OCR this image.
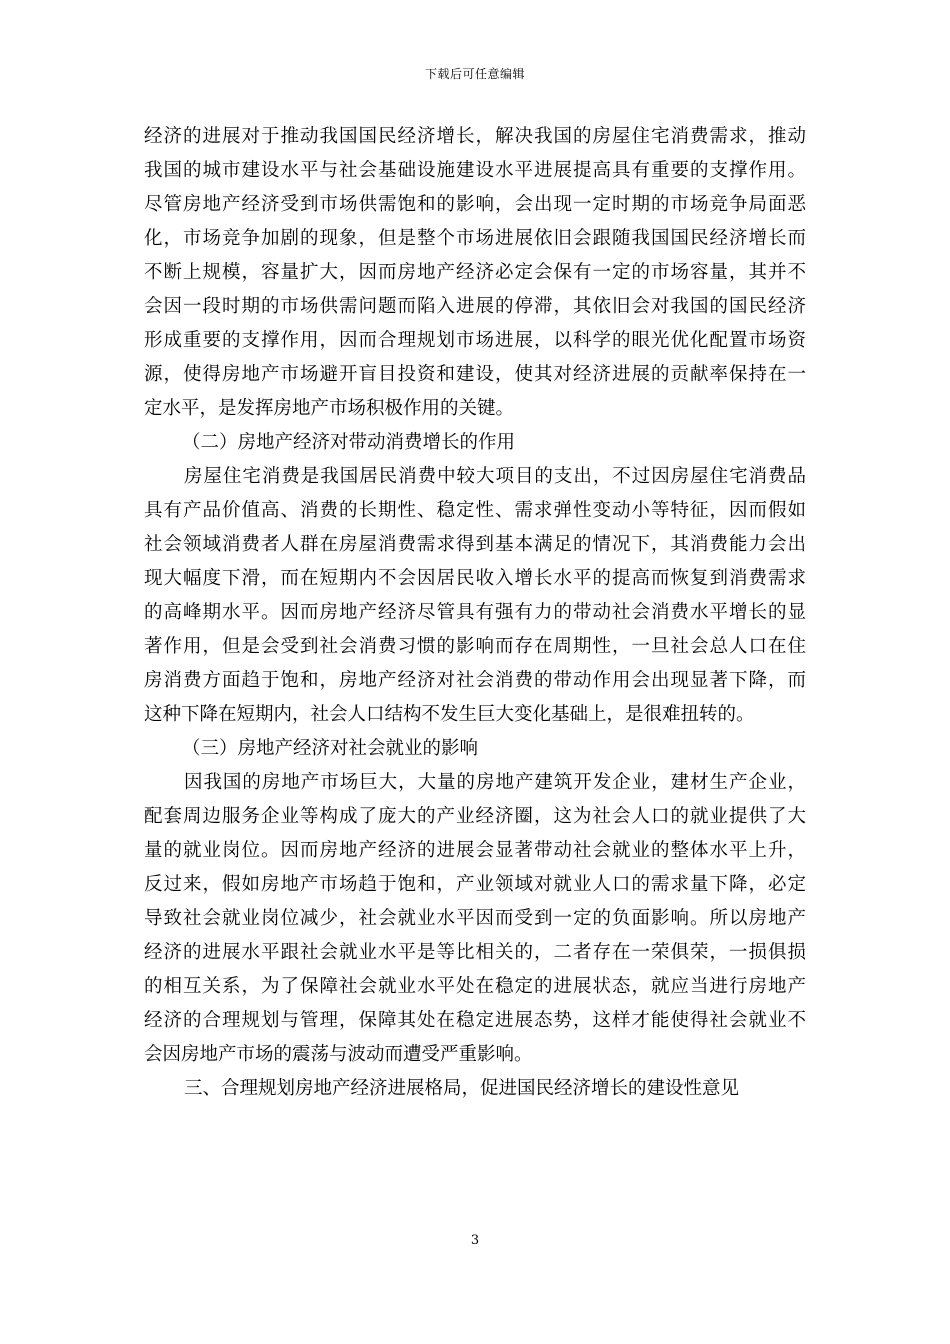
下载后可任意编辑
经济的进展对于推动我国国民经济增长，解决我国的房屋住宅消费需求，推动
我国的城市建设水平与社会基础设施建设水平进展提高具有重要的支撑作用。
尽管房地产经济受到市场供需饱和的影响，会出现一定时期的市场竞争局面恶
化，市场竞争加剧的现象，但是整个市场进展依旧会跟随我国国民经济增长而
不断上规模，容量扩大，因而房地产经济必定会保有一定的市场容量，其并不
会因一段时期的市场供需问题而陷入进展的停滞，其依旧会对我国的国民经济
形成重要的支撑作用，因而合理规划市场进展，以科学的眼光优化配置市场资
源，使得房地产市场避开盲目投资和建设，使其对经济进展的贡献率保持在一
定水平，是发挥房地产市场积极作用的关键。
（二）房地产经济对带动消费增长的作用
房屋住宅消费是我国居民消费中较大项目的支出，不过因房屋住宅消费品
具有产品价值高、消费的长期性、稳定性、需求弹性变动小等特征，因而假如
社会领域消费者人群在房屋消费需求得到基本满足的情况下，其消费能力会出
现大幅度下滑，而在短期内不会因居民收入增长水平的提高而恢复到消费需求
的高峰期水平。因而房地产经济尽管具有强有力的带动社会消费水平增长的显
著作用，但是会受到社会消费习惯的影响而存在周期性，一旦社会总人口在住
房消费方面趋于饱和，房地产经济对社会消费的带动作用会出现显著下降，而
这种下降在短期内，社会人口结构不发生巨大变化基础上，是很难扭转的。
（三）房地产经济对社会就业的影响
因我国的房地产市场巨大，大量的房地产建筑开发企业，建材生产企业，
配套周边服务企业等构成了庞大的产业经济圈，这为社会人口的就业提供了大
量的就业岗位。因而房地产经济的进展会显著带动社会就业的整体水平上升，
反过来，假如房地产市场趋于饱和，产业领域对就业人口的需求量下降，必定
导致社会就业岗位减少，社会就业水平因而受到一定的负面影响。所以房地产
经济的进展水平跟社会就业水平是等比相关的，二者存在一荣俱荣，一损俱损
的相互关系，为了保障社会就业水平处在稳定的进展状态，就应当进行房地产
经济的合理规划与管理，保障其处在稳定进展态势，这样才能使得社会就业不
会因房地产市场的震荡与波动而遭受严重影响。
三、合理规划房地产经济进展格局，促进国民经济增长的建设性意见
3
